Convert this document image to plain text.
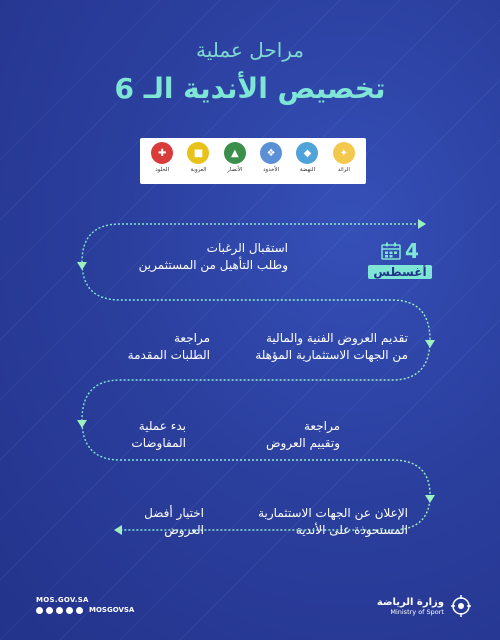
مراحل عملية
تخصيص الأندية الـ 6
✦
الرائد
◆
النهضة
❖
الأخدود
▲
الأنصار
■
العروبة
✚
الخلود
4
أغسطس
استقبال الرغبات
وطلب التأهيل من المستثمرين
تقديم العروض الفنية والمالية
من الجهات الاستثمارية المؤهلة
مراجعة
الطلبات المقدمة
مراجعة
وتقييم العروض
بدء عملية
المفاوضات
الإعلان عن الجهات الاستثمارية
المستحوذة على الأندية
اختيار أفضل
العروض
MOS.GOV.SA
MOSGOVSA
وزارة الرياضة
Ministry of Sport
